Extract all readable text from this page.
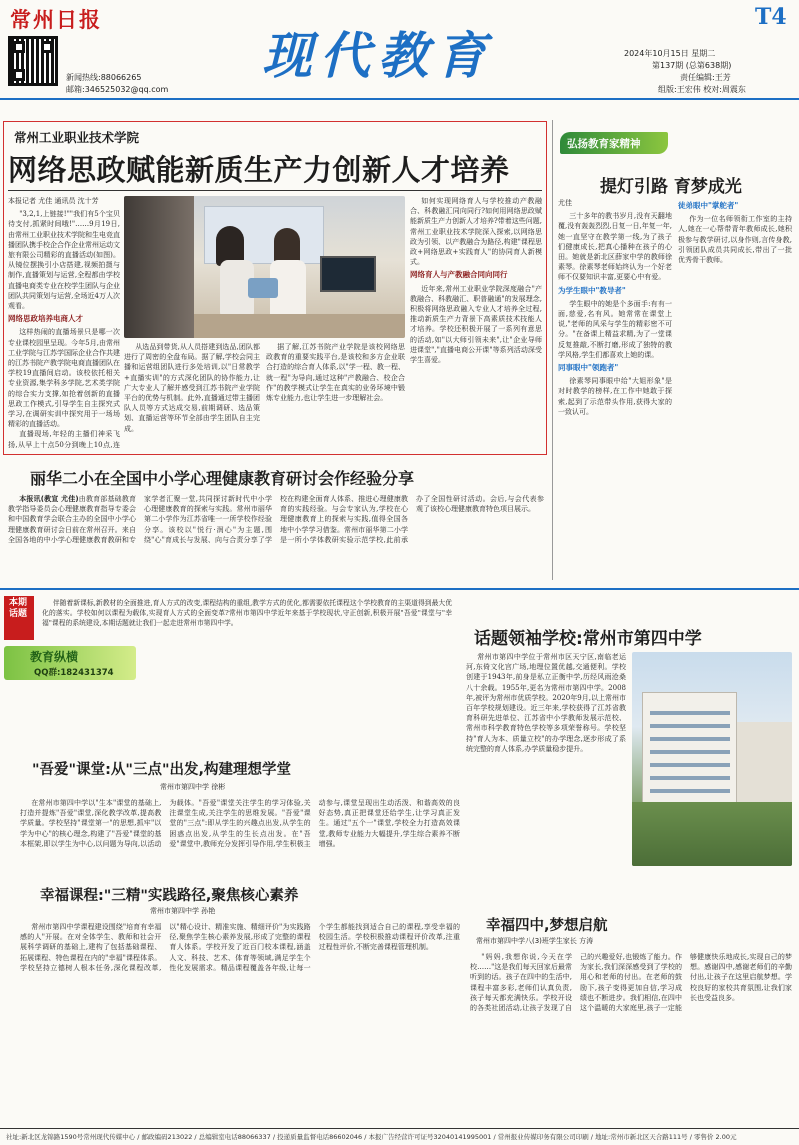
常州日报
新闻热线:88066265
邮箱:346525032@qq.com
现代教育
T4
2024年10月15日 星期二
第137期 (总第638期)
责任编辑:王芳
组版:王宏伟 校对:周震东
常州工业职业技术学院
网络思政赋能新质生产力创新人才培养
本报记者 尤佳 通讯员 沈十芳

"3,2,1,上链接!""我们有5个宝贝待支付,抓紧时间哦!"……9月19日,由常州工业职业技术学院和生电竞直播团队携手校企合作企业常州运动文旅有限公司精彩的直播活动(如图)。从镜位摆换引小店搭建,视频拍摄与制作,直播策划与运营,全程都由学校直播电商类专业在校学生团队与企业团队共同策划与运营,全场近4万人次观看。

网络思政培养电商人才

这样热闹的直播场景只是哪一次专业课校园里呈现。今年5月,由常州工业学院与江苏学国际企业合作共建的江苏书院产教学院电商直播团队在学校19直播间启动。该校依托相关专业资源,集学科多学院,艺术类学院的综合实力支撑,如抢着创新的直播思政工作模式,引导学生自主探究式学习,在调研实训中探究用于一场场精彩的直播活动。

直播现场,年轻的主播们神采飞扬,从早上十点50分到晚上10点,连

从选品到带货,从人员搭建到选品,团队都进行了周密的全盘布局。据了解,学校会同主播和运营组团队进行多处培训,以"日常教学+直播实训"的方式深化团队的协作能力,让广大专业人了解并感受到江苏书院产业学院平台的优势与机制。此外,直播通过带主播团队人员等方式达成交易,前期调研、选品策划、直播运营等环节全部由学生团队自主完成。

据了解,江苏书院产业学院是该校网络思政教育的重要实践平台,是该校和多方企业联合打造的综合育人体系,以"学一程、教一程、就一程"为导向,通过这种"产教融合、校企合作"的教学模式让学生在真实的业务环境中锻炼专业能力,也让学生进一步理解社会。

如何实现网络育人与学校推动产教融合、科教融汇同向同行?如何用网络思政赋能新质生产力创新人才培养?带着这些问题,常州工业职业技术学院深入探索,以网络思政为引领、以产教融合为路径,构建"课程思政+网络思政+实践育人"的协同育人新模式。

网络育人与产教融合同向同行

近年来,常州工业职业学院深度融合"产教融合、科教融汇、职普融通"的发展理念,积极将网络思政融入专业人才培养全过程,推动新质生产力背景下高素质技术技能人才培养。学校还积极开展了一系列有意思的活动,如"以大师引领未来",让"企业导师进课堂","直播电商公开课"等系列活动深受学生喜爱。

丽华二小在全国中小学心理健康教育研讨会作经验分享

本报讯(教宣 尤佳)由教育部基础教育教学指导委员会心理健康教育指导专委会和中国教育学会联合主办的全国中小学心理健康教育研讨会日前在常州召开。来自全国各地的中小学心理健康教育教研和专家学者汇聚一堂,共同探讨新时代中小学心理健康教育的探索与实践。常州市丽华第二小学作为江苏省唯一一所学校作经验分享。该校以"悦行·润心"为主题,围绕"心"育成长与发展、向与合责分享了学校在构建全面育人体系、推进心理健康教育的实践经验。与会专家认为,学校在心理健康教育上的探索与实践,值得全国各地中小学学习借鉴。常州市丽华第二小学是一所小学体教研实验示范学校,此前承办了全国性研讨活动。会后,与会代表参观了该校心理健康教育特色项目展示。

弘扬教育家精神
提灯引路 育梦成光
尤佳

三十多年的教书岁月,没有天翻地覆,没有轰轰烈烈,日复一日,年复一年,她一直坚守在教学第一线,为了孩子们健康成长,把真心播种在孩子的心田。她就是新北区薛家中学的教师徐素琴。徐素琴老师始终认为一个好老师不仅要知识丰富,更要心中有爱。

为学生眼中"教导者"

学生眼中的她是个多面手:有有一面,慈爱,名有风。她常常在课堂上说,"老师的风采与学生的精彩密不可分。"在备课上精益求精,为了一堂课反复推敲,不断打磨,形成了独特的教学风格,学生们都喜欢上她的课。

同事眼中"领跑者"

徐素琴同事眼中给"大姐形象"是对时教学的榜样,在工作中她敢于探索,起到了示范带头作用,获得大家的一致认可。

徒弟眼中"掌舵者"

作为一位名师领衔工作室的主持人,她在一心帮带青年教师成长,她积极参与教学研讨,以身作则,言传身教,引领团队成员共同成长,带出了一批优秀骨干教师。

本期话题

伴随着新课标,新教材的全面推进,育人方式的改变,课程结构的重组,教学方式的优化,都需要依托课程这个学校教育的主渠道得到最大优化的落实。学校如何以课程为载体,实现育人方式的全面变革?常州市第四中学近年来基于学校现状,守正创新,积极开展"吾爱"课堂与"幸福"课程的系统建设,本期话题就让我们一起走进常州市第四中学。

教育纵横
QQ群:182431374
话题领袖学校:常州市第四中学

常州市第四中学位于常州市区天宁区,南临老运河,东倚文化宫广场,地理位置优越,交通便利。学校创建于1943年,前身是私立正衡中学,历经风雨沧桑八十余载。1955年,更名为常州市第四中学。2008年,被评为常州市优质学校。2020年9月,以上常州市百年学校规划建设。近三年来,学校获得了江苏省教育科研先进单位、江苏省中小学教师发展示范校、常州市科学教育特色学校等多项荣誉称号。学校坚持"育人为本、质量立校"的办学理念,逐步形成了系统完整的育人体系,办学质量稳步提升。

"吾爱"课堂:从"三点"出发,构建理想学堂
常州市第四中学 徐彬

在常州市第四中学以"生本"课堂的基础上,打造并提炼"吾爱"课堂,深化教学改革,提高教学质量。学校坚持"课堂第一"的思想,抓牢"以学为中心"的核心理念,构建了"吾爱"课堂的基本框架,即以学生为中心,以问题为导向,以活动为载体。"吾爱"课堂关注学生的学习体验,关注课堂生成,关注学生的思维发展。"吾爱"课堂的"三点":即从学生的兴趣点出发,从学生的困惑点出发,从学生的生长点出发。在"吾爱"课堂中,教师充分发挥引导作用,学生积极主动参与,课堂呈现出生动活泼、和谐高效的良好态势,真正把课堂还给学生,让学习真正发生。通过"五个一"课堂,学校全力打造高效课堂,教师专业能力大幅提升,学生综合素养不断增强。

幸福课程:"三精"实践路径,聚焦核心素养
常州市第四中学 孙艳

常州市第四中学课程建设围绕"培育有幸福感的人"开展。在对全体学生、教师和社会开展科学调研的基础上,建构了包括基础课程、拓展课程、特色课程在内的"幸福"课程体系。学校坚持立德树人根本任务,深化课程改革,以"精心设计、精准实施、精细评价"为实践路径,聚焦学生核心素养发展,形成了完整的课程育人体系。学校开发了近百门校本课程,涵盖人文、科技、艺术、体育等领域,满足学生个性化发展需求。精品课程覆盖各年级,让每一个学生都能找到适合自己的课程,享受幸福的校园生活。学校积极推动课程评价改革,注重过程性评价,不断完善课程管理机制。

幸福四中,梦想启航
常州市第四中学八(3)班学生家长 方涛

"妈妈,我想你说,今天在学校……"这是我们每天回家后最常听到的话。孩子在四中的生活中,课程丰富多彩,老师们认真负责,孩子每天都充满快乐。学校开设的各类社团活动,让孩子发现了自己的兴趣爱好,也锻炼了能力。作为家长,我们深深感受到了学校的用心和老师的付出。在老师的鼓励下,孩子变得更加自信,学习成绩也不断进步。我们相信,在四中这个温暖的大家庭里,孩子一定能够健康快乐地成长,实现自己的梦想。感谢四中,感谢老师们的辛勤付出,让孩子在这里启航梦想。学校良好的家校共育氛围,让我们家长也受益良多。

社址:新北区龙锦路1590号常州现代传媒中心 / 邮政编码213022 / 总编辑室电话88066337 / 投递质量监督电话86602046 / 本报广告经营许可证号32040141995001 / 常州报业传媒印务有限公司印刷 / 地址:常州市新北区天合路111号 / 零售价 2.00元
